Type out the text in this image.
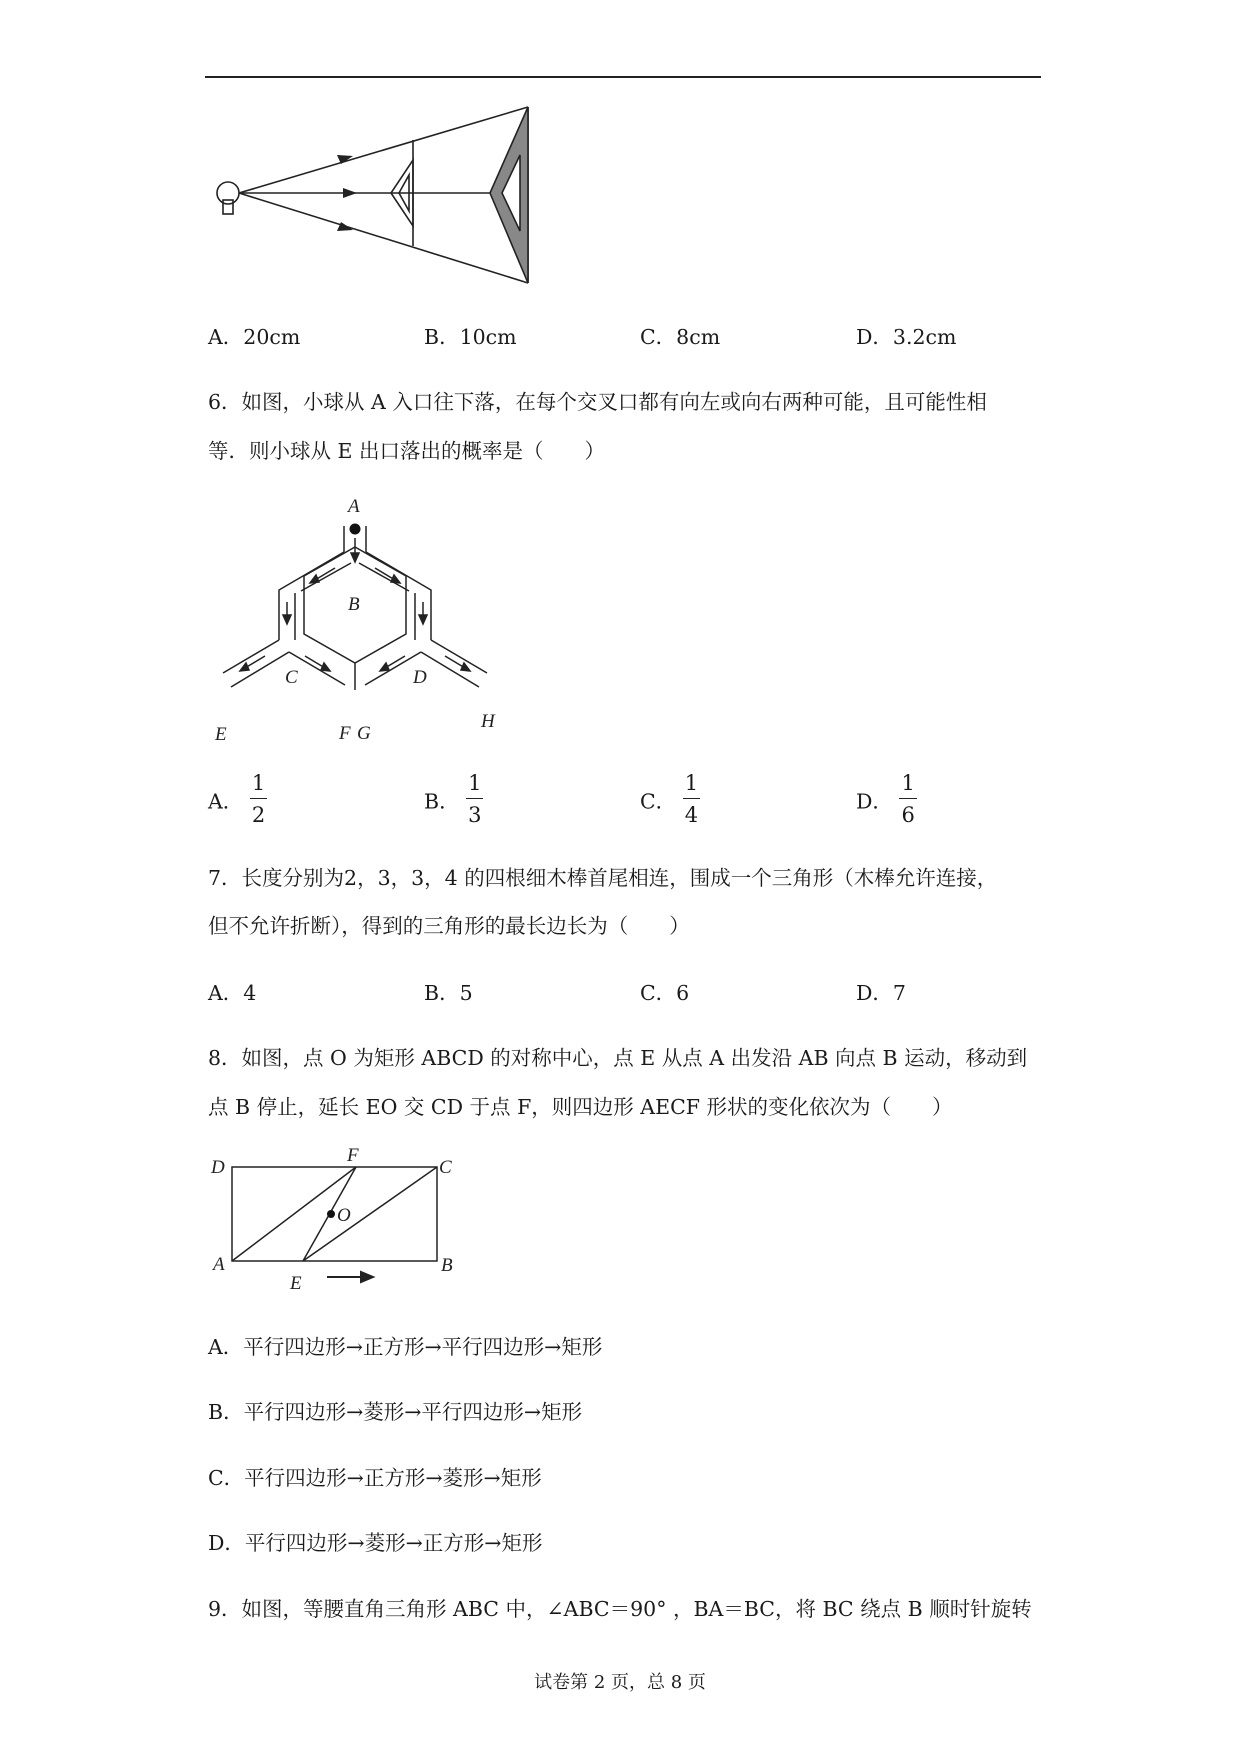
A．20cm	B．10cm	C．8cm	D．3.2cm
6．如图，小球从 A 入口往下落，在每个交叉口都有向左或向右两种可能，且可能性相
等．则小球从 E 出口落出的概率是（　　）
A
B
C	D
E	F G
H
A． $\frac{1}{2}$	B． $\frac{1}{3}$	C． $\frac{1}{4}$	D． $\frac{1}{6}$
7．长度分别为2，3，3，4 的四根细木棒首尾相连，围成一个三角形（木棒允许连接，
但不允许折断），得到的三角形的最长边长为（　　）
A．4	B．5	C．6	D．7
8．如图，点 O 为矩形 ABCD 的对称中心，点 E 从点 A 出发沿 AB 向点 B 运动，移动到
点 B 停止，延长 EO 交 CD 于点 F，则四边形 AECF 形状的变化依次为（　　）
D
F
C
O
A
E
B
A．平行四边形→正方形→平行四边形→矩形
B．平行四边形→菱形→平行四边形→矩形
C．平行四边形→正方形→菱形→矩形
D．平行四边形→菱形→正方形→矩形
9．如图，等腰直角三角形 ABC 中，∠ABC＝90° ，BA＝BC，将 BC 绕点 B 顺时针旋转
试卷第 2 页，总 8 页
